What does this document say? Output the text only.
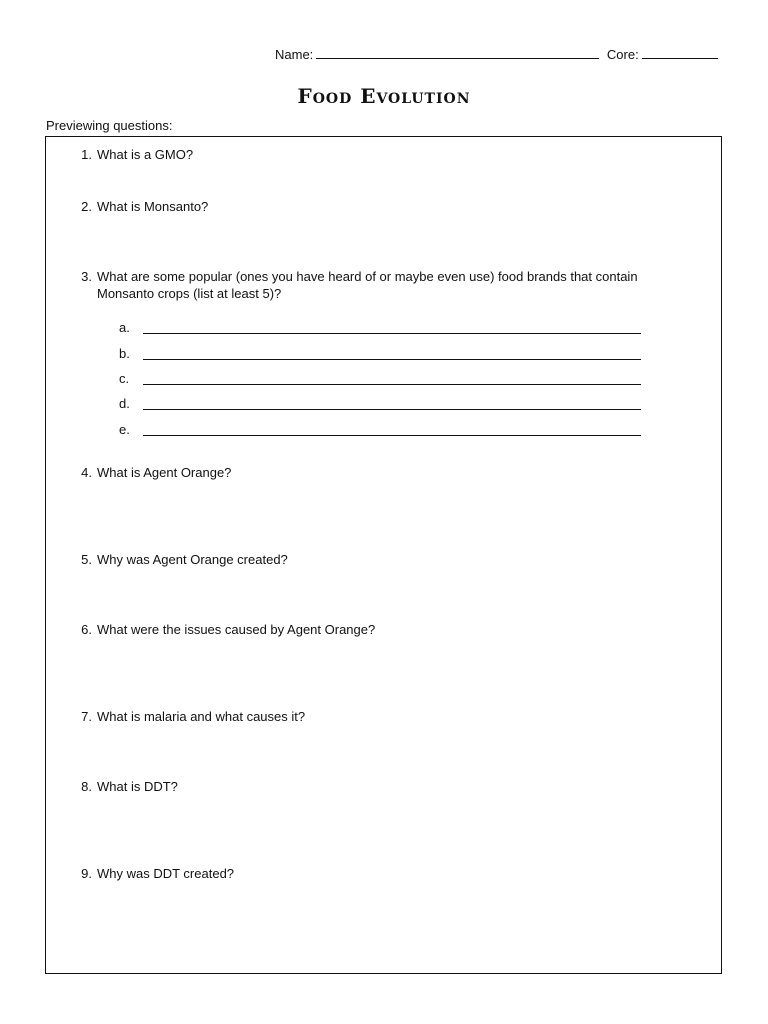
Name:	Core:
Food Evolution
Previewing questions:
1. What is a GMO?
2. What is Monsanto?
3. What are some popular (ones you have heard of or maybe even use) food brands that contain Monsanto crops (list at least 5)?
a.
b.
c.
d.
e.
4. What is Agent Orange?
5. Why was Agent Orange created?
6. What were the issues caused by Agent Orange?
7. What is malaria and what causes it?
8. What is DDT?
9. Why was DDT created?
